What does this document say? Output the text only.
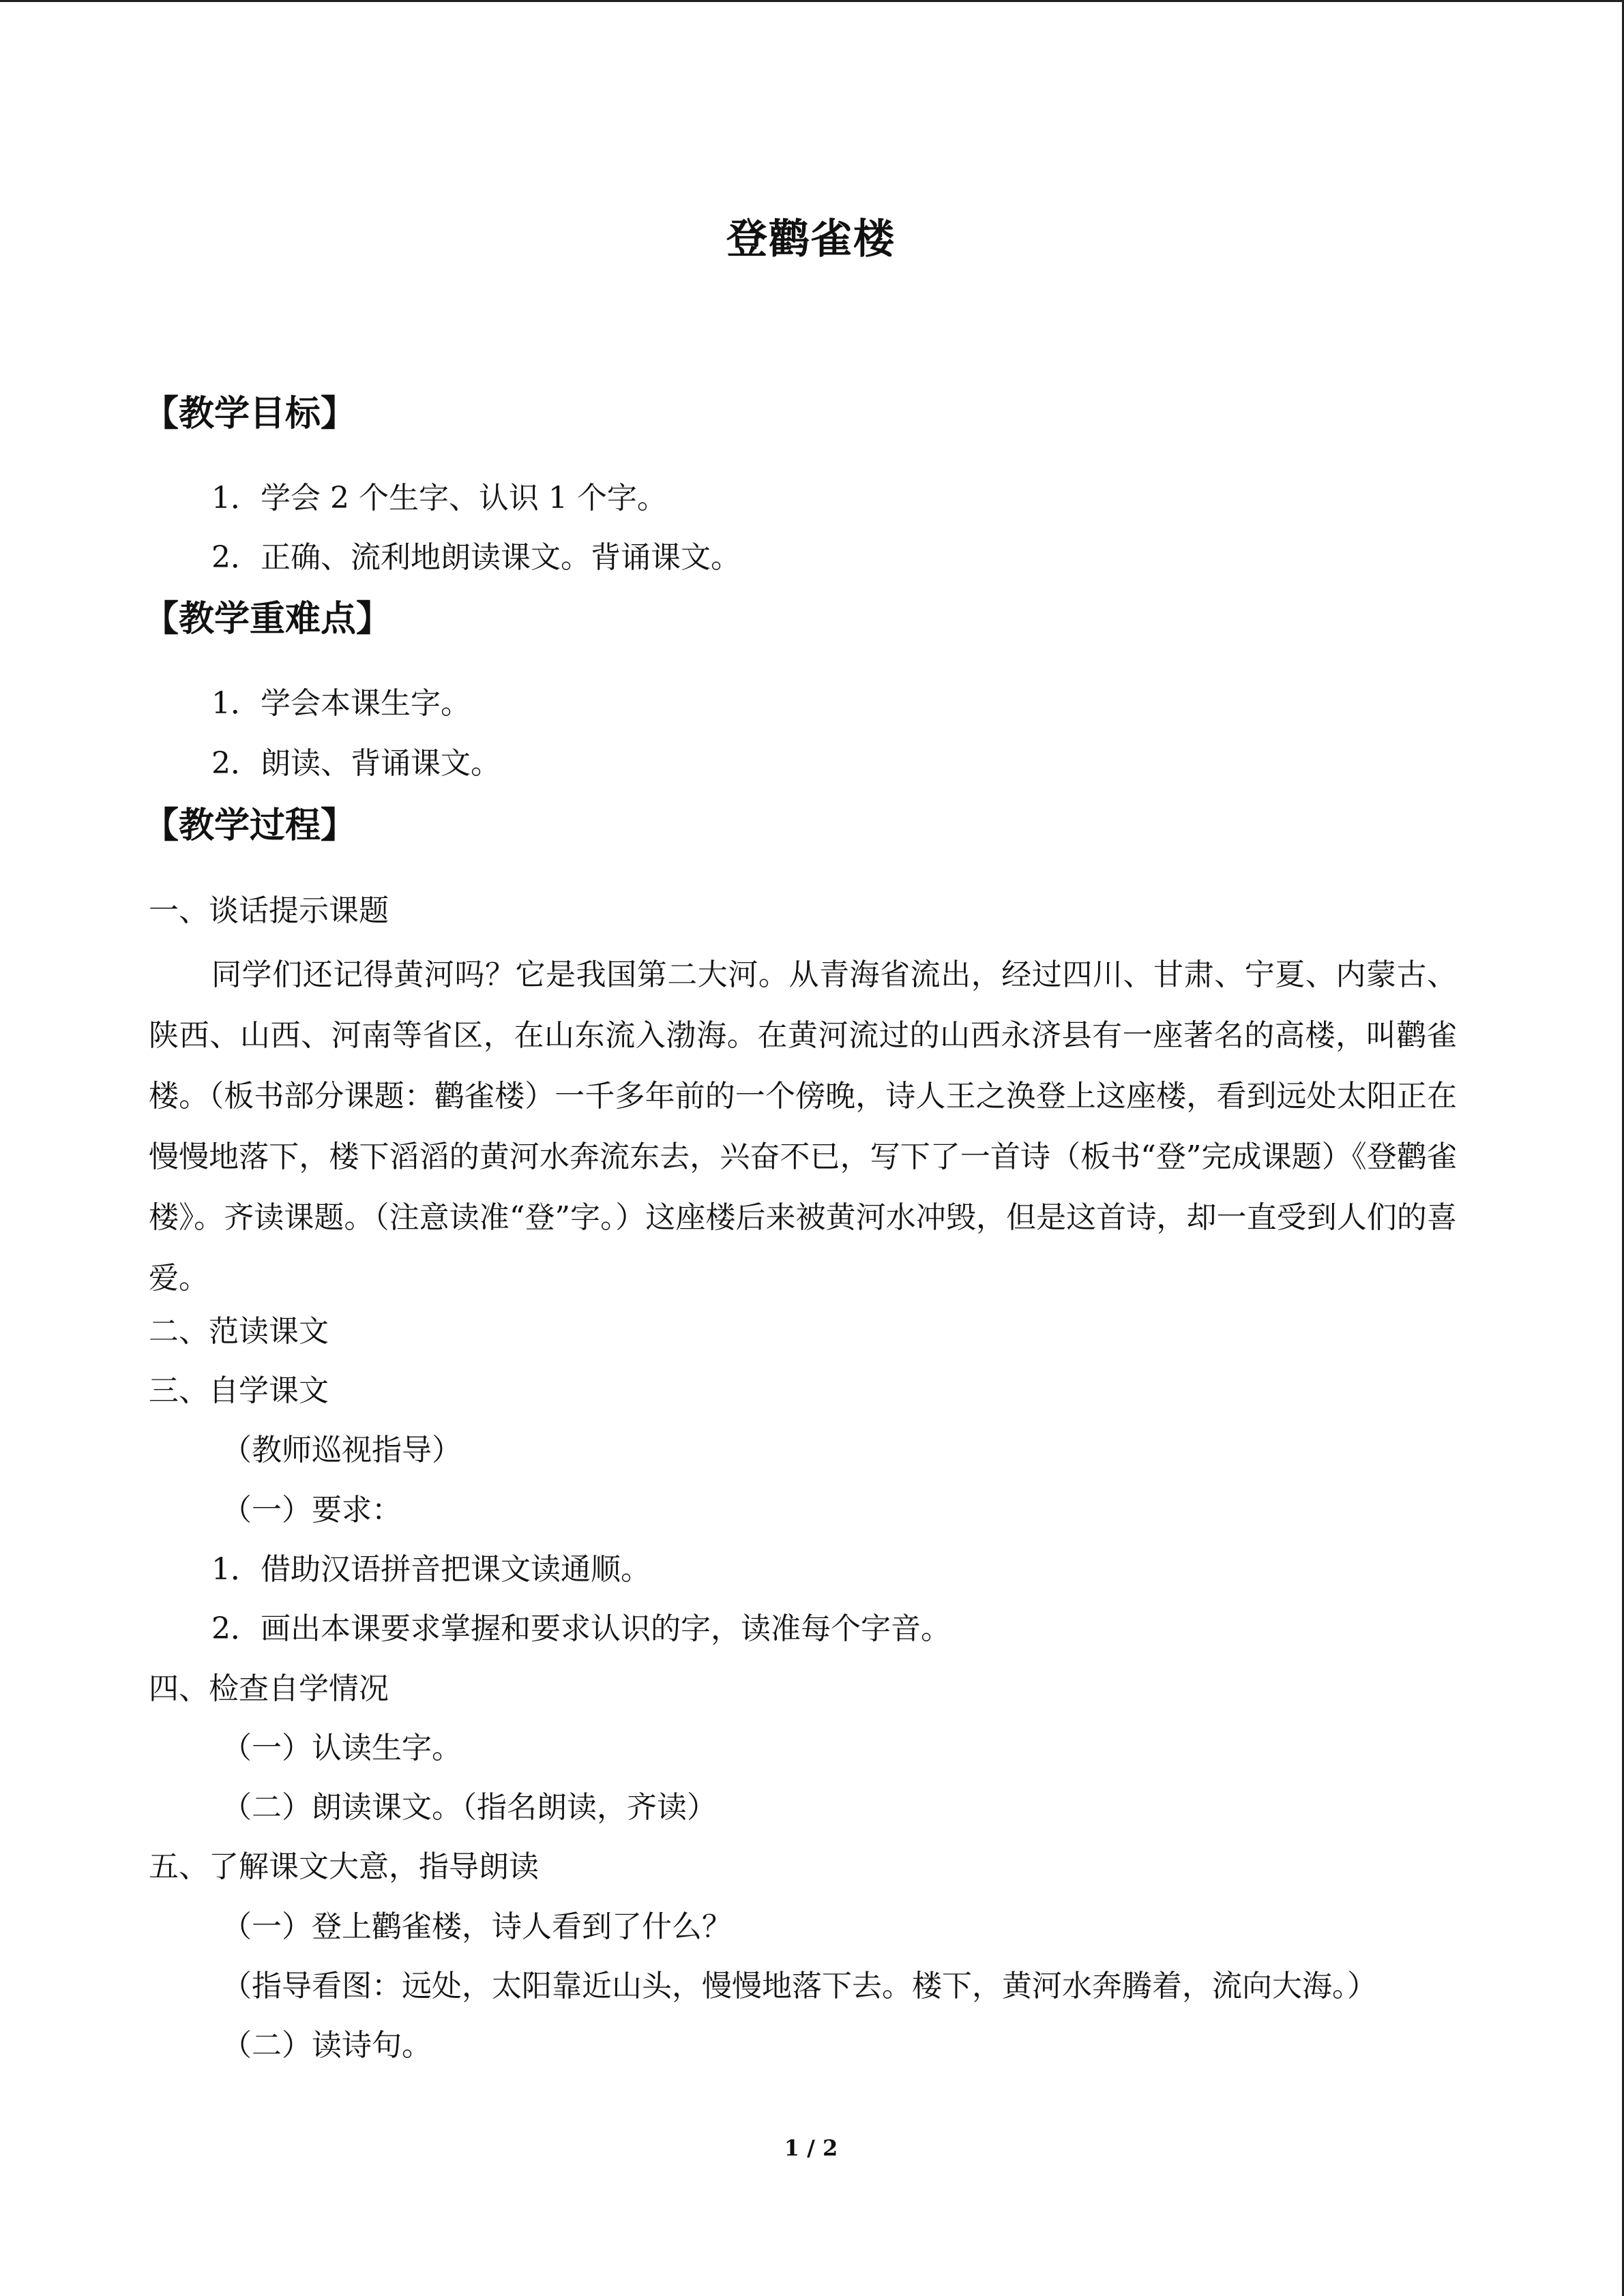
登鹳雀楼
【教学目标】
1．学会 2 个生字、认识 1 个字。
2．正确、流利地朗读课文。背诵课文。
【教学重难点】
1．学会本课生字。
2．朗读、背诵课文。
【教学过程】
一、谈话提示课题
同学们还记得黄河吗？它是我国第二大河。从青海省流出，经过四川、甘肃、宁夏、内蒙古、陕西、山西、河南等省区，在山东流入渤海。在黄河流过的山西永济县有一座著名的高楼，叫鹳雀楼。（板书部分课题：鹳雀楼）一千多年前的一个傍晚，诗人王之涣登上这座楼，看到远处太阳正在慢慢地落下，楼下滔滔的黄河水奔流东去，兴奋不已，写下了一首诗（板书“登”完成课题）《登鹳雀楼》。齐读课题。（注意读准“登”字。）这座楼后来被黄河水冲毁，但是这首诗，却一直受到人们的喜爱。
二、范读课文
三、自学课文
（教师巡视指导）
（一）要求：
1．借助汉语拼音把课文读通顺。
2．画出本课要求掌握和要求认识的字，读准每个字音。
四、检查自学情况
（一）认读生字。
（二）朗读课文。（指名朗读，齐读）
五、了解课文大意，指导朗读
（一）登上鹳雀楼，诗人看到了什么？
（指导看图：远处，太阳靠近山头，慢慢地落下去。楼下，黄河水奔腾着，流向大海。）
（二）读诗句。
1 / 2
